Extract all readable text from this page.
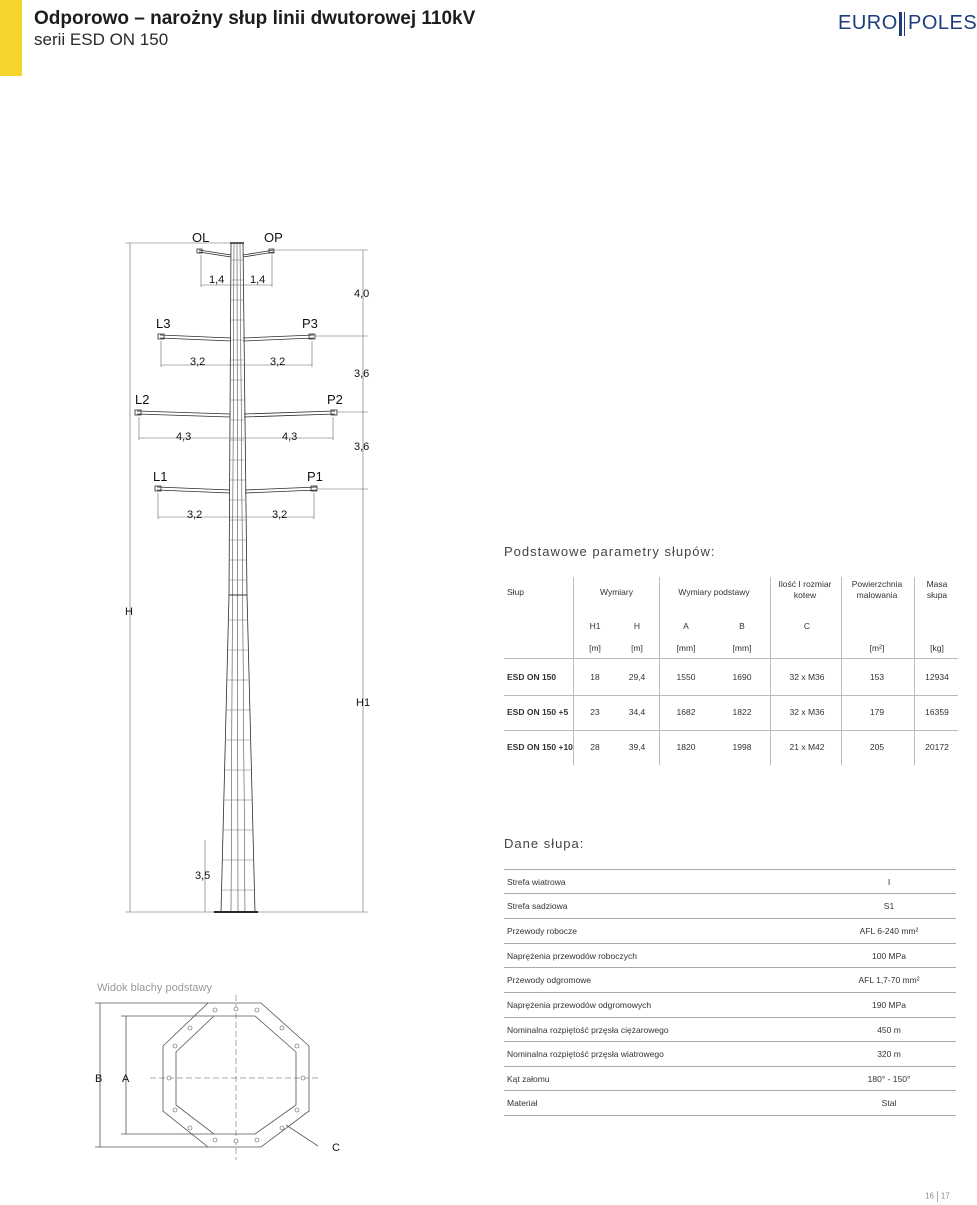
Odporowo – narożny słup linii dwutorowej 110kV
serii ESD ON 150
EURO POLES
OL	OP
L3	P3
L2	P2
L1	P1
H
H1
1,4 1,4
3,2	3,2
4,3	4,3
3,2	3,2
4,0
3,6
3,6
3,5
B A
C
Widok blachy podstawy
Podstawowe parametry słupów:
Słup	Wymiary	Wymiary podstawy
Ilość I rozmiar kotew
Powierzchnia malowania
Masa słupa
H1	H	A	B	C
[m]	[m]	[mm]	[mm]	[m²]	[kg]
ESD ON 150	18	29,4	1550	1690	32 x M36	153	12934
ESD ON 150 +5	23	34,4	1682	1822	32 x M36	179	16359
ESD ON 150 +10	28	39,4	1820	1998	21 x M42	205	20172
Dane słupa:
Strefa wiatrowa	I
Strefa sadziowa	S1
Przewody robocze	AFL 6-240 mm²
Naprężenia przewodów roboczych	100 MPa
Przewody odgromowe	AFL 1,7-70 mm²
Naprężenia przewodów odgromowych	190 MPa
Nominalna rozpiętość przęsła ciężarowego	450 m
Nominalna rozpiętość przęsła wiatrowego	320 m
Kąt załomu	180° - 150°
Materiał	Stal
16 17
